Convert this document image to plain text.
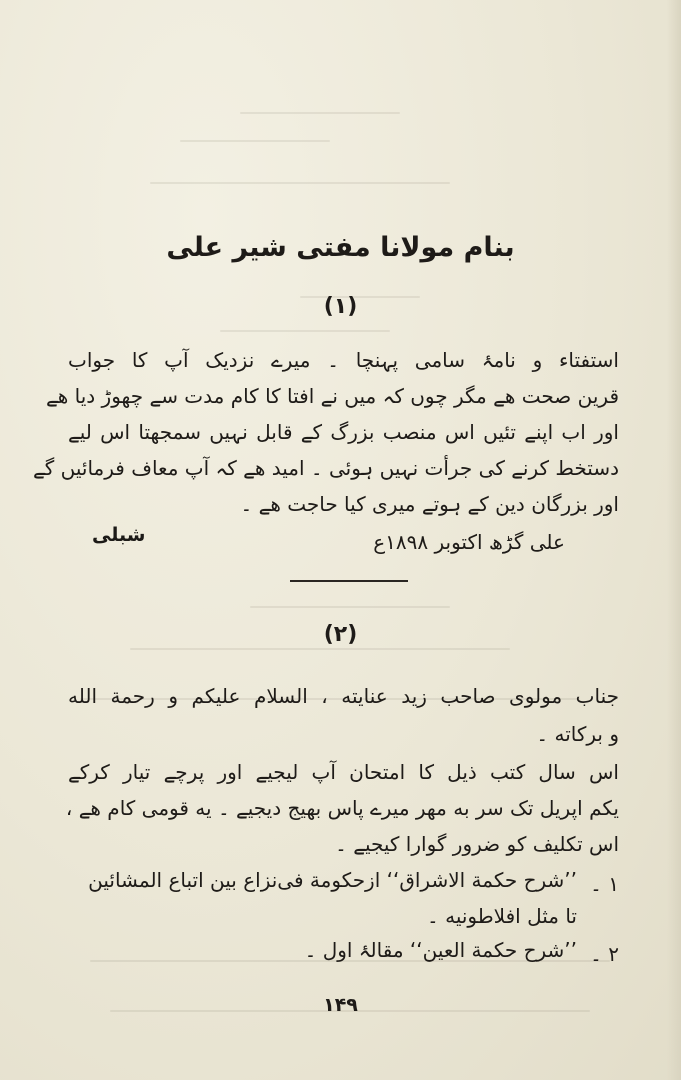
بنام مولانا مفتی شیر علی
(۱)
استفتاء و نامۂ سامی پہنچا ۔ میرے نزدیک آپ کا جواب
قرین صحت ھے مگر چوں کہ میں نے افتا کا کام مدت سے چھوڑ دیا ھے
اور اب اپنے تئیں اس منصب بزرگ کے قابل نہیں سمجھتا اس لیے
دستخط کرنے کی جرأت نہیں ہوئی ۔ امید ھے کہ آپ معاف فرمائیں گے
اور بزرگان دین کے ہوتے میری کیا حاجت ھے ۔
شبلی	علی گڑھ اکتوبر ۱۸۹۸ع
(۲)
جناب مولوی صاحب زید عنایته ، السلام علیکم و رحمة الله
و برکاته ۔
اس سال کتب ذیل کا امتحان آپ لیجیے اور پرچے تیار کرکے
یکم اپریل تک سر به مهر میرے پاس بهیج دیجیے ۔ یه قومی کام ھے ،
اس تکلیف کو ضرور گوارا کیجیے ۔
۱ ۔
’’شرح حکمة الاشراق‘‘ ازحکومة فی‌نزاع بین اتباع المشائین
تا مثل افلاطونیه ۔
۲ ۔
’’شرح حکمة العین‘‘ مقالۂ اول ۔
۱۴۹
